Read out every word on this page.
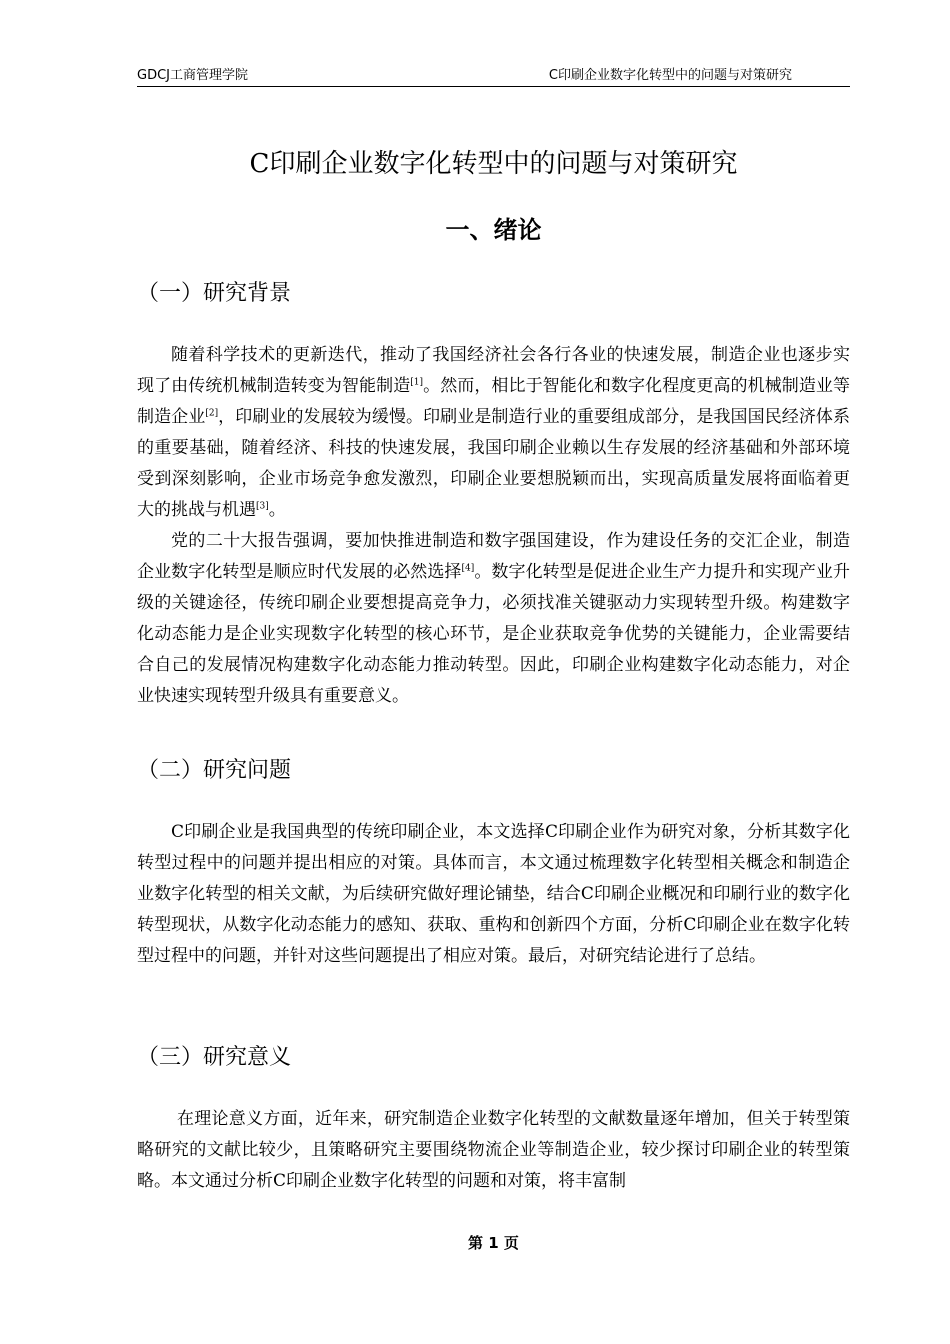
GDCJ工商管理学院	C印刷企业数字化转型中的问题与对策研究
C印刷企业数字化转型中的问题与对策研究
一、绪论
（一）研究背景

随着科学技术的更新迭代，推动了我国经济社会各行各业的快速发展，制造企业也逐步实现了由传统机械制造转变为智能制造[1]。然而，相比于智能化和数字化程度更高的机械制造业等制造企业[2]，印刷业的发展较为缓慢。印刷业是制造行业的重要组成部分，是我国国民经济体系的重要基础，随着经济、科技的快速发展，我国印刷企业赖以生存发展的经济基础和外部环境受到深刻影响，企业市场竞争愈发激烈，印刷企业要想脱颖而出，实现高质量发展将面临着更大的挑战与机遇[3]。

党的二十大报告强调，要加快推进制造和数字强国建设，作为建设任务的交汇企业，制造企业数字化转型是顺应时代发展的必然选择[4]。数字化转型是促进企业生产力提升和实现产业升级的关键途径，传统印刷企业要想提高竞争力，必须找准关键驱动力实现转型升级。构建数字化动态能力是企业实现数字化转型的核心环节，是企业获取竞争优势的关键能力，企业需要结合自己的发展情况构建数字化动态能力推动转型。因此，印刷企业构建数字化动态能力，对企业快速实现转型升级具有重要意义。

（二）研究问题

C印刷企业是我国典型的传统印刷企业，本文选择C印刷企业作为研究对象，分析其数字化转型过程中的问题并提出相应的对策。具体而言，本文通过梳理数字化转型相关概念和制造企业数字化转型的相关文献，为后续研究做好理论铺垫，结合C印刷企业概况和印刷行业的数字化转型现状，从数字化动态能力的感知、获取、重构和创新四个方面，分析C印刷企业在数字化转型过程中的问题，并针对这些问题提出了相应对策。最后，对研究结论进行了总结。

（三）研究意义

在理论意义方面，近年来，研究制造企业数字化转型的文献数量逐年增加，但关于转型策略研究的文献比较少，且策略研究主要围绕物流企业等制造企业，较少探讨印刷企业的转型策略。本文通过分析C印刷企业数字化转型的问题和对策，将丰富制

第 1 页
